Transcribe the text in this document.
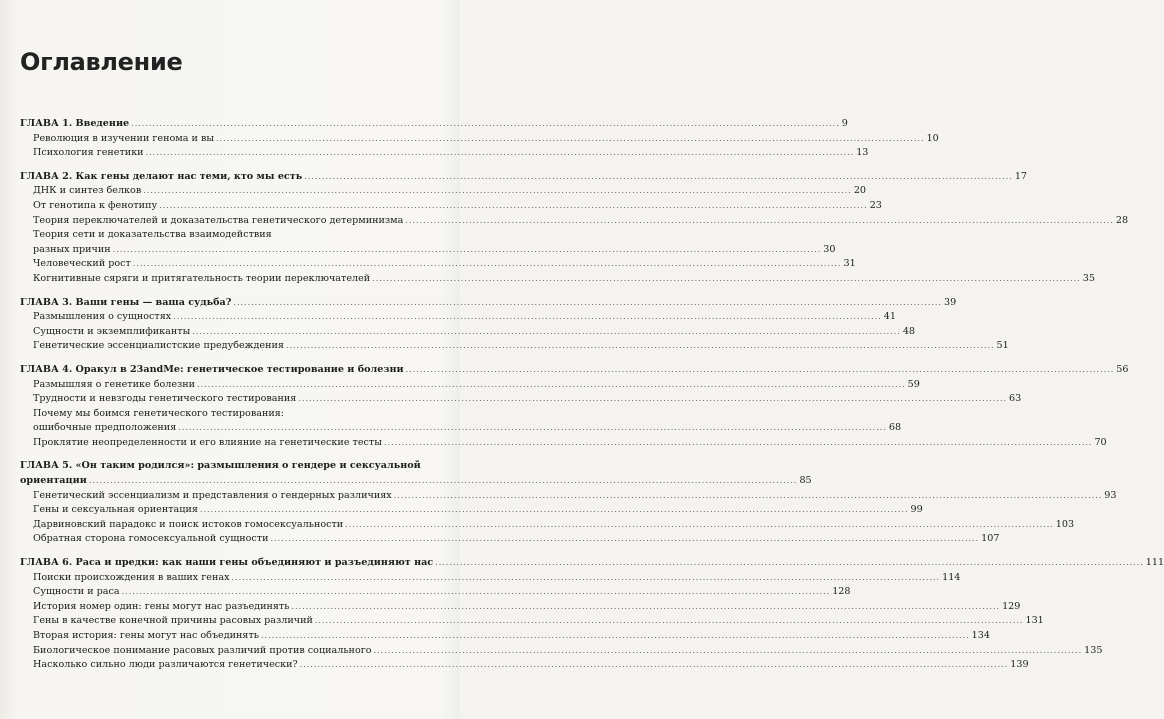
Оглавление
ГЛАВА 1. Введение .....	9
Революция в изучении генома и вы .....	10
Психология генетики .....	13
ГЛАВА 2. Как гены делают нас теми, кто мы есть .....	17
ДНК и синтез белков .....	20
От генотипа к фенотипу .....	23
Теория переключателей и доказательства генетического детерминизма .....	28
Теория сети и доказательства взаимодействия
разных причин .....	30
Человеческий рост .....	31
Когнитивные сяряги и притягательность теории переключателей .....	35
ГЛАВА 3. Ваши гены — ваша судьба? .....	39
Размышления о сущностях .....	41
Сущности и экземплификанты .....	48
Генетические эссенциалистские предубеждения .....	51
ГЛАВА 4. Оракул в 23andMe: генетическое тестирование и болезни .....	56
Размышляя о генетике болезни .....	59
Трудности и невзгоды генетического тестирования .....	63
Почему мы боимся генетического тестирования:
ошибочные предположения .....	68
Проклятие неопределенности и его влияние на генетические тесты .....	70
ГЛАВА 5. «Он таким родился»: размышления о гендере и сексуальной
ориентации .....	85
Генетический эссенциализм и представления о гендерных различиях .....	93
Гены и сексуальная ориентация .....	99
Дарвиновский парадокс и поиск истоков гомосексуальности .....	103
Обратная сторона гомосексуальной сущности .....	107
ГЛАВА 6. Раса и предки: как наши гены объединяют и разъединяют нас .....	111
Поиски происхождения в ваших генах .....	114
Сущности и раса .....	128
История номер один: гены могут нас разъединять .....	129
Гены в качестве конечной причины расовых различий .....	131
Вторая история: гены могут нас объединять .....	134
Биологическое понимание расовых различий против социального .....	135
Насколько сильно люди различаются генетически? .....	139
